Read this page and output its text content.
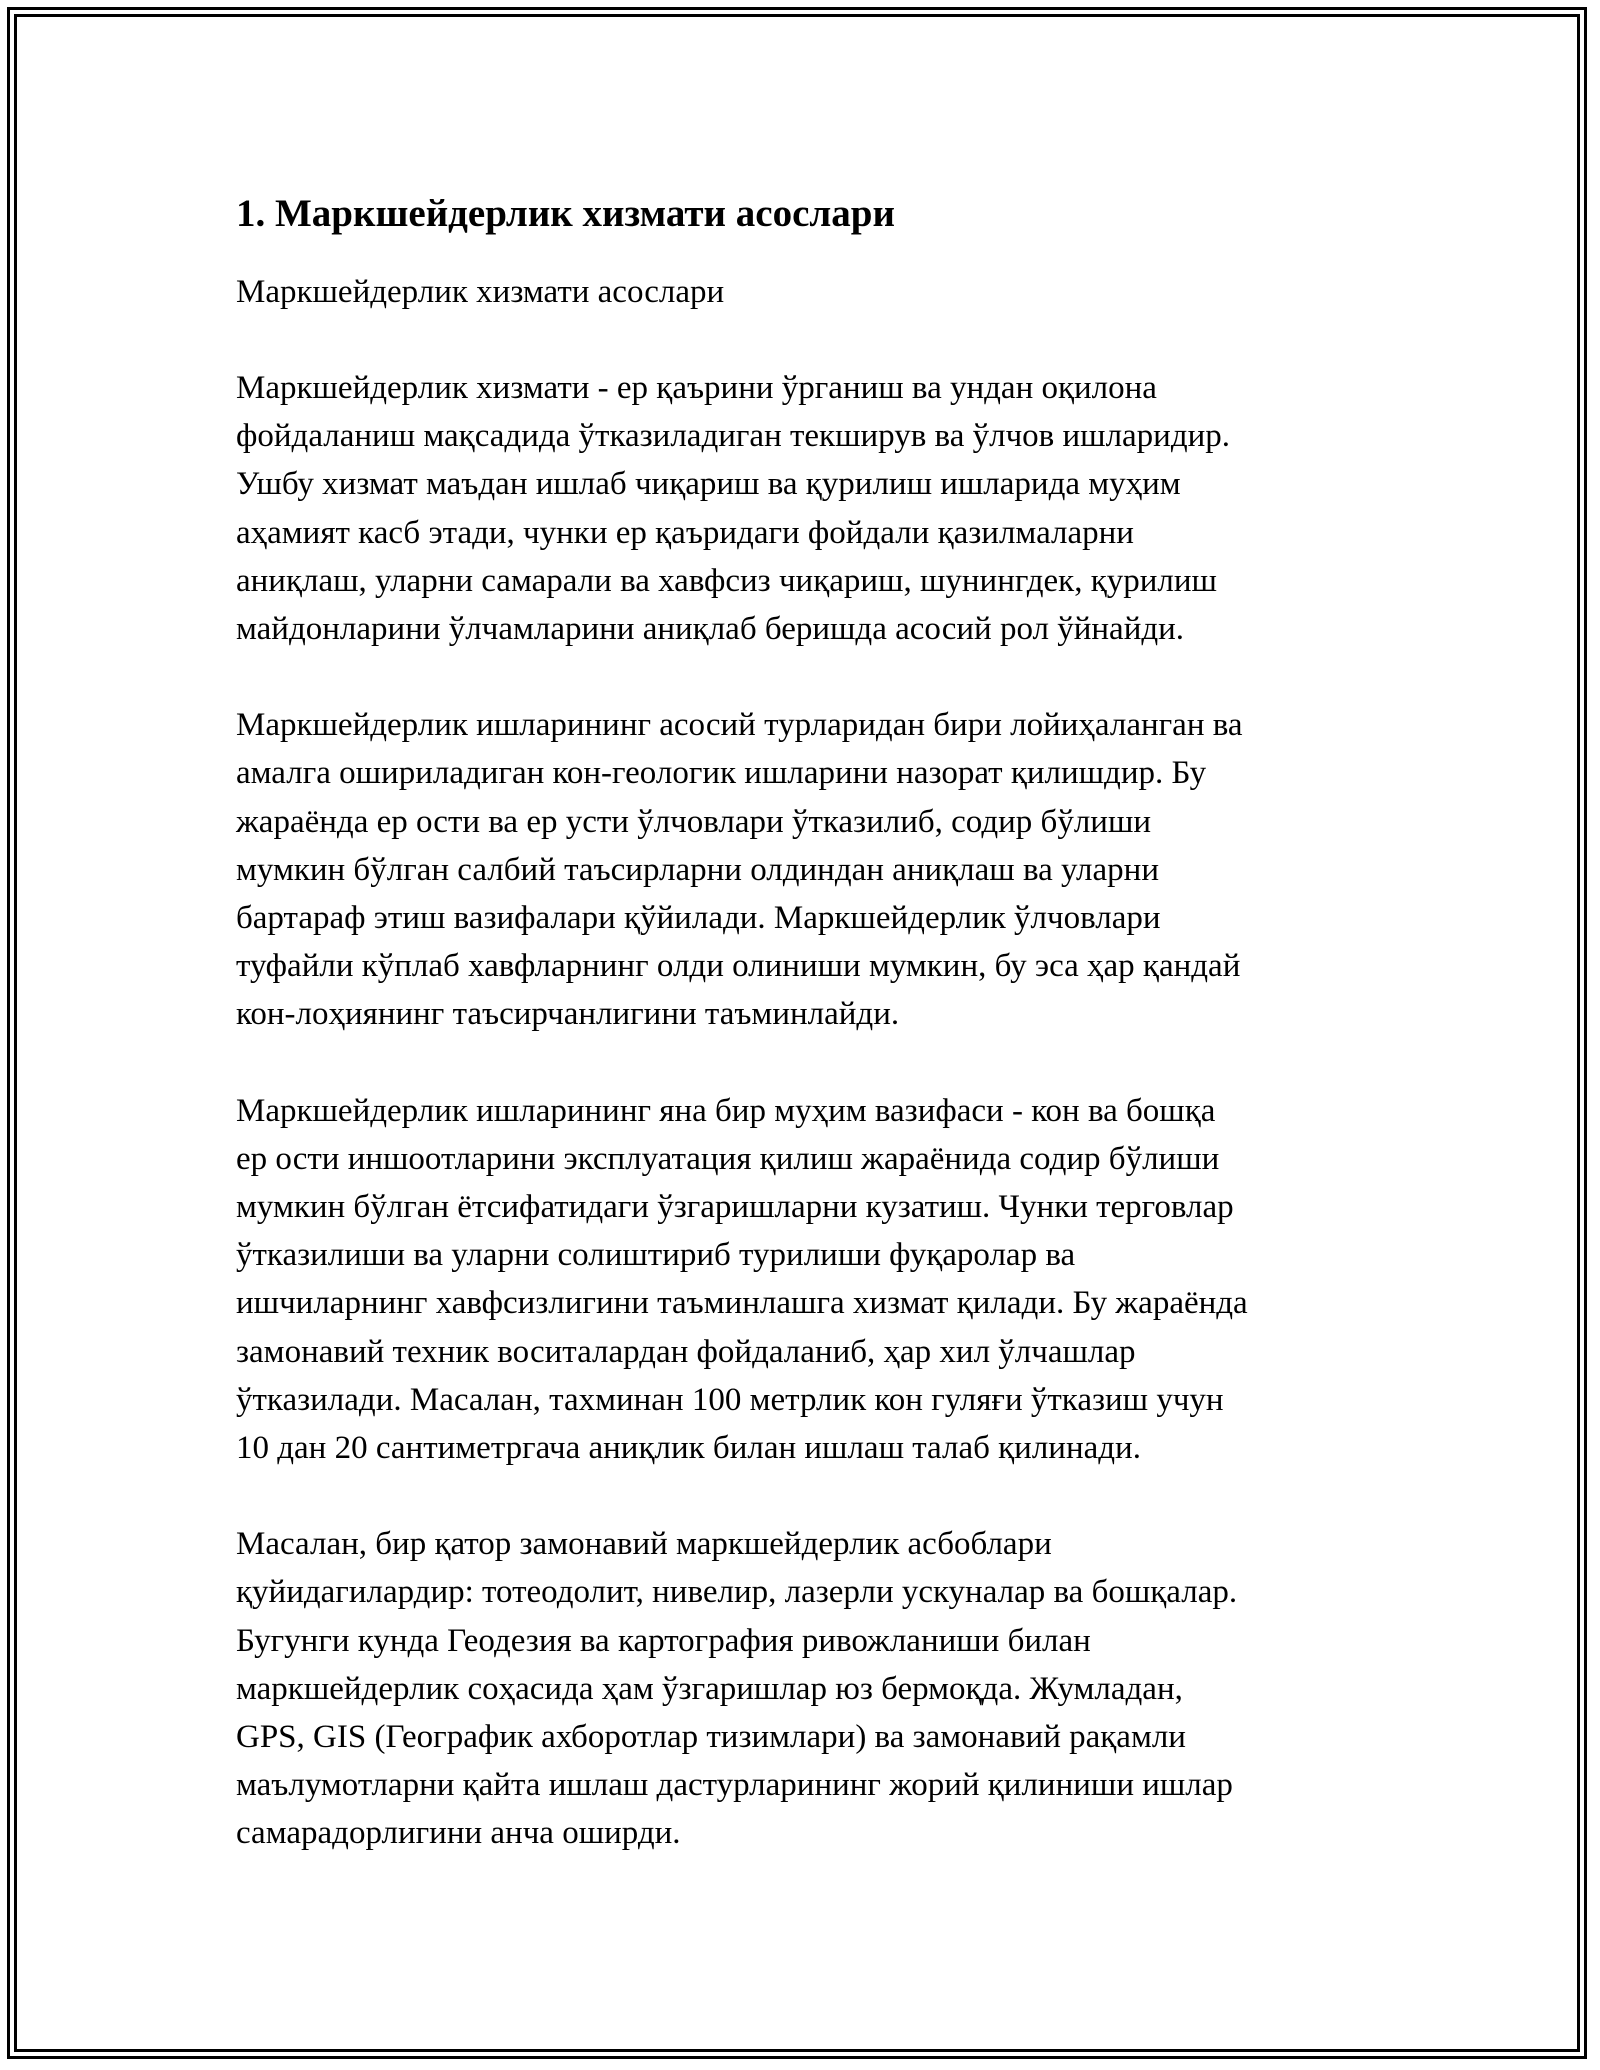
1. Маркшейдерлик хизмати асослари

Маркшейдерлик хизмати асослари

Маркшейдерлик хизмати - ер қаърини ўрганиш ва ундан оқилона
фойдаланиш мақсадида ўтказиладиган текширув ва ўлчов ишларидир.
Ушбу хизмат маъдан ишлаб чиқариш ва қурилиш ишларида муҳим
аҳамият касб этади, чунки ер қаъридаги фойдали қазилмаларни
аниқлаш, уларни самарали ва хавфсиз чиқариш, шунингдек, қурилиш
майдонларини ўлчамларини аниқлаб беришда асосий рол ўйнайди.

Маркшейдерлик ишларининг асосий турларидан бири лойиҳаланган ва
амалга ошириладиган кон-геологик ишларини назорат қилишдир. Бу
жараёнда ер ости ва ер усти ўлчовлари ўтказилиб, содир бўлиши
мумкин бўлган салбий таъсирларни олдиндан аниқлаш ва уларни
бартараф этиш вазифалари қўйилади. Маркшейдерлик ўлчовлари
туфайли кўплаб хавфларнинг олди олиниши мумкин, бу эса ҳар қандай
кон-лоҳиянинг таъсирчанлигини таъминлайди.

Маркшейдерлик ишларининг яна бир муҳим вазифаси - кон ва бошқа
ер ости иншоотларини эксплуатация қилиш жараёнида содир бўлиши
мумкин бўлган ётсифатидаги ўзгаришларни кузатиш. Чунки терговлар
ўтказилиши ва уларни солиштириб турилиши фуқаролар ва
ишчиларнинг хавфсизлигини таъминлашга хизмат қилади. Бу жараёнда
замонавий техник воситалардан фойдаланиб, ҳар хил ўлчашлар
ўтказилади. Масалан, тахминан 100 метрлик кон гуляғи ўтказиш учун
10 дан 20 сантиметргача аниқлик билан ишлаш талаб қилинади.

Масалан, бир қатор замонавий маркшейдерлик асбоблари
қуйидагилардир: тотеодолит, нивелир, лазерли ускуналар ва бошқалар.
Бугунги кунда Геодезия ва картография ривожланиши билан
маркшейдерлик соҳасида ҳам ўзгаришлар юз бермоқда. Жумладан,
GPS, GIS (Географик ахборотлар тизимлари) ва замонавий рақамли
маълумотларни қайта ишлаш дастурларининг жорий қилиниши ишлар
самарадорлигини анча оширди.
